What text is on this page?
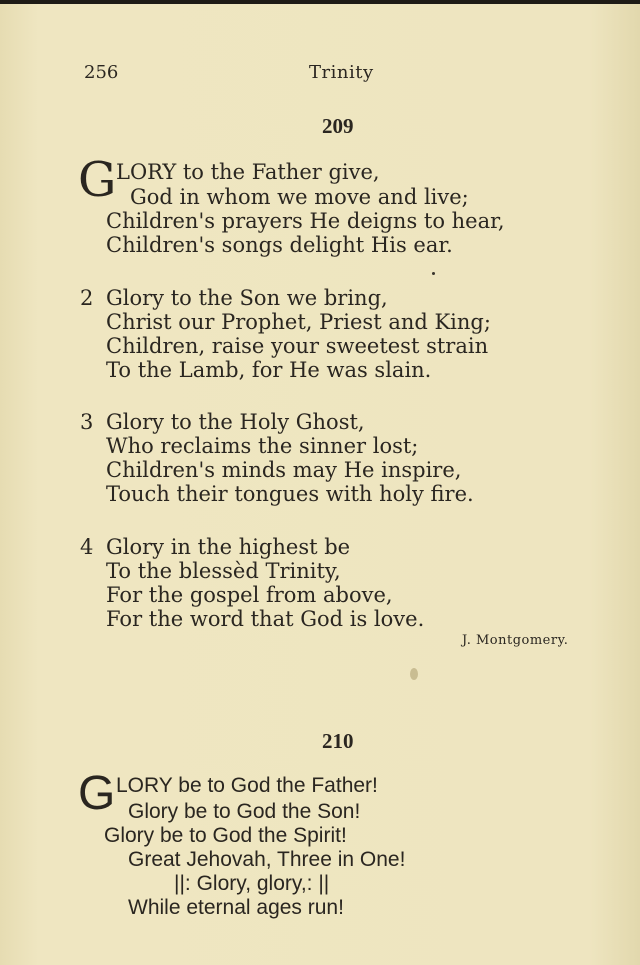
256	Trinity
209
G LORY to the Father give,
God in whom we move and live;
Children's prayers He deigns to hear,
Children's songs delight His ear.
2 Glory to the Son we bring,
Christ our Prophet, Priest and King;
Children, raise your sweetest strain
To the Lamb, for He was slain.
3 Glory to the Holy Ghost,
Who reclaims the sinner lost;
Children's minds may He inspire,
Touch their tongues with holy fire.
4 Glory in the highest be
To the blessèd Trinity,
For the gospel from above,
For the word that God is love.
J. Montgomery.
210
G LORY be to God the Father!
Glory be to God the Son!
Glory be to God the Spirit!
Great Jehovah, Three in One!
||: Glory, glory,: ||
While eternal ages run!
